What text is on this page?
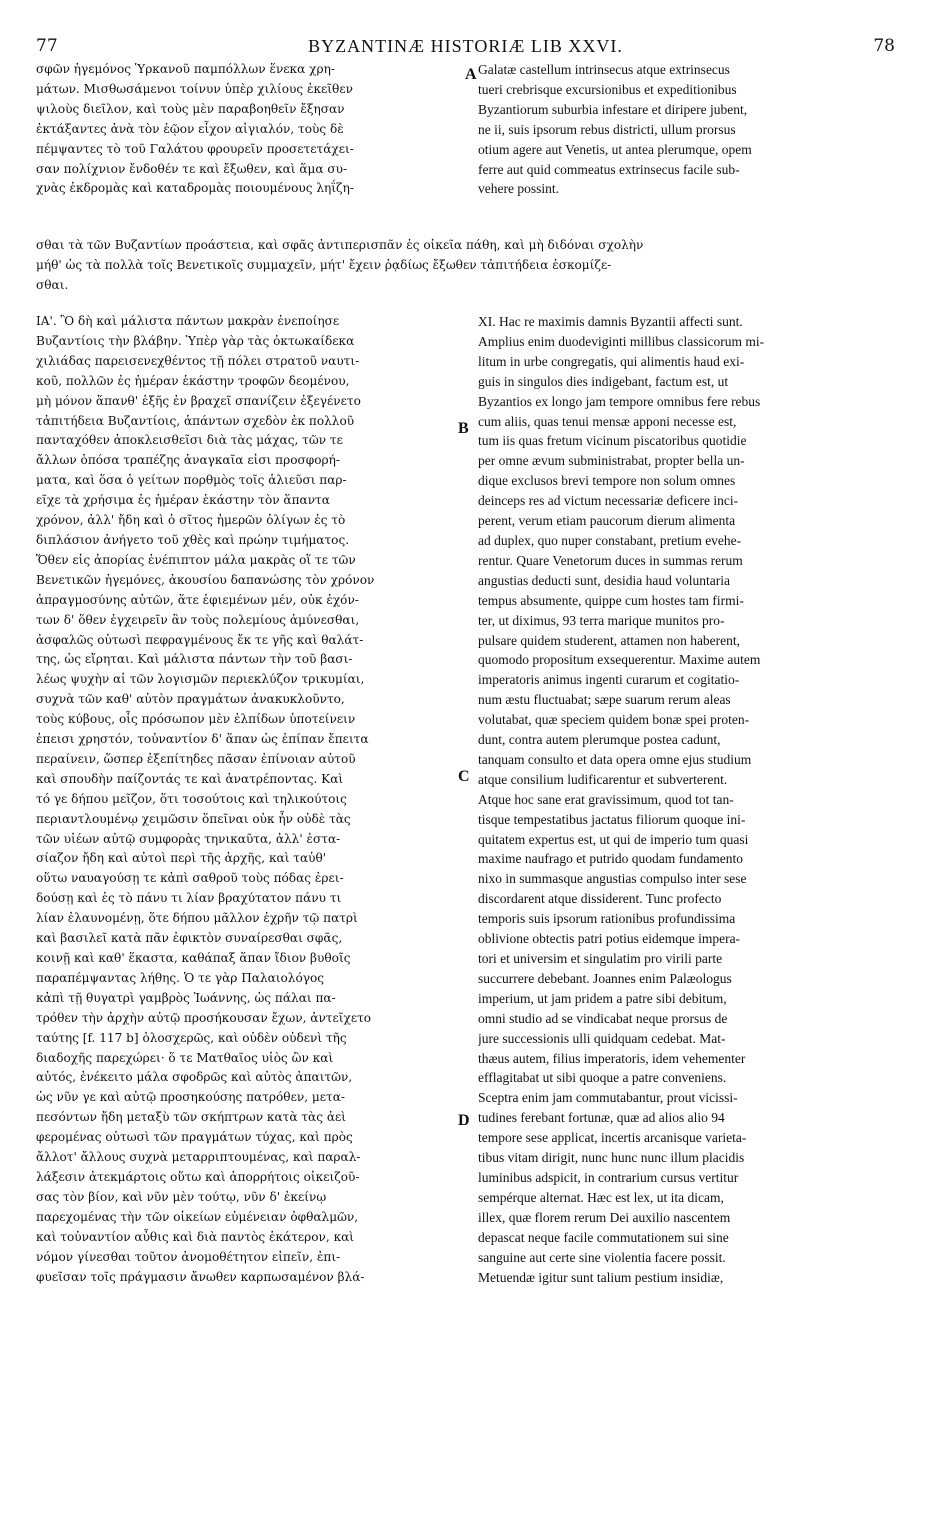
77	BYZANTINÆ HISTORIÆ LIB XXVI.	78
σφῶν ἡγεμόνος Ὑρκανοῦ παμπόλλων ἕνεκα χρη-
μάτων. Μισθωσάμενοι τοίνυν ὑπὲρ χιλίους ἐκεῖθεν
ψιλοὺς διεῖλον, καὶ τοὺς μὲν παραβοηθεῖν ἔξησαν
ἐκτάξαντες ἀνὰ τὸν ἑῷον εἶχον αἰγιαλόν, τοὺς δὲ
πέμψαντες τὸ τοῦ Γαλάτου φρουρεῖν προσετετάχει-
σαν πολίχνιον ἔνδοθέν τε καὶ ἔξωθεν, καὶ ἅμα συ-
χνὰς ἐκδρομὰς καὶ καταδρομὰς ποιουμένους ληΐζη-
A Galatæ castellum intrinsecus atque extrinsecus
tueri crebrisque excursionibus et expeditionibus
Byzantiorum suburbia infestare et diripere jubent,
ne ii, suis ipsorum rebus districti, ullum prorsus
otium agere aut Venetis, ut antea plerumque, opem
ferre aut quid commeatus extrinsecus facile sub-
vehere possint.
σθαι τὰ τῶν Βυζαντίων προάστεια, καὶ σφᾶς ἀντιπερισπᾶν ἐς οἰκεῖα πάθη, καὶ μὴ διδόναι σχολὴν
μήθ' ὡς τὰ πολλὰ τοῖς Βενετικοῖς συμμαχεῖν, μήτ' ἔχειν ῥᾳδίως ἔξωθεν τἀπιτήδεια ἐσκομίζε-
σθαι.
ΙΑ'. Ὃ δὴ καὶ μάλιστα πάντων μακρὰν ἐνεποίησε
Βυζαντίοις τὴν βλάβην. Ὑπὲρ γὰρ τὰς ὀκτωκαίδεκα
χιλιάδας παρεισενεχθέντος τῇ πόλει στρατοῦ ναυτι-
κοῦ, πολλῶν ἐς ἡμέραν ἑκάστην τροφῶν δεομένου,
μὴ μόνον ἅπανθ' ἑξῆς ἐν βραχεῖ σπανίζειν ἐξεγένετο
τἀπιτήδεια Βυζαντίοις, ἁπάντων σχεδὸν ἐκ πολλοῦ
πανταχόθεν ἀποκλεισθεῖσι διὰ τὰς μάχας, τῶν τε
ἄλλων ὁπόσα τραπέζης ἀναγκαῖα εἰσι προσφορή-
ματα, καὶ ὅσα ὁ γείτων πορθμὸς τοῖς ἁλιεῦσι παρ-
εῖχε τὰ χρήσιμα ἐς ἡμέραν ἑκάστην τὸν ἅπαντα
χρόνον, ἀλλ' ἤδη καὶ ὁ σῖτος ἡμερῶν ὀλίγων ἐς τὸ
διπλάσιον ἀνήγετο τοῦ χθὲς καὶ πρώην τιμήματος.
Ὅθεν εἰς ἀπορίας ἐνέπιπτον μάλα μακρὰς οἵ τε τῶν
Βενετικῶν ἡγεμόνες, ἀκουσίου δαπανώσης τὸν χρόνον
ἀπραγμοσύνης αὐτῶν, ἅτε ἐφιεμένων μέν, οὐκ ἐχόν-
των δ' ὅθεν ἐγχειρεῖν ἂν τοὺς πολεμίους ἀμύνεσθαι,
ἀσφαλῶς οὑτωσὶ πεφραγμένους ἔκ τε γῆς καὶ θαλάτ-
της, ὡς εἴρηται. Καὶ μάλιστα πάντων τὴν τοῦ βασι-
λέως ψυχὴν αἱ τῶν λογισμῶν περιεκλύζον τρικυμίαι,
συχνὰ τῶν καθ' αὑτὸν πραγμάτων ἀνακυκλοῦντο,
τοὺς κύβους, οἷς πρόσωπον μὲν ἐλπίδων ὑποτείνειν
ἐπεισι χρηστόν, τοὐναντίον δ' ἅπαν ὡς ἐπίπαν ἔπειτα
περαίνειν, ὥσπερ ἐξεπίτηδες πᾶσαν ἐπίνοιαν αὐτοῦ
καὶ σπουδὴν παίζοντάς τε καὶ ἀνατρέποντας. Καὶ
τό γε δήπου μεῖζον, ὅτι τοσούτοις καὶ τηλικούτοις
περιαντλουμένῳ χειμῶσιν ὅπεῖναι οὐκ ἦν οὐδὲ τὰς
τῶν υἱέων αὐτῷ συμφορὰς τηνικαῦτα, ἀλλ' ἐστα-
σίαζον ἤδη καὶ αὐτοὶ περὶ τῆς ἀρχῆς, καὶ ταὐθ'
οὕτω ναυαγούσῃ τε κἀπὶ σαθροῦ τοὺς πόδας ἐρει-
δούσῃ καὶ ἐς τὸ πάνυ τι λίαν βραχύτατον πάνυ τι
λίαν ἐλαυνομένῃ, ὅτε δήπου μᾶλλον ἐχρῆν τῷ πατρὶ
καὶ βασιλεῖ κατὰ πᾶν ἐφικτὸν συναίρεσθαι σφᾶς,
κοινῇ καὶ καθ' ἕκαστα, καθάπαξ ἅπαν ἴδιον βυθοῖς
παραπέμψαντας λήθης. Ὁ τε γὰρ Παλαιολόγος
κἀπὶ τῇ θυγατρὶ γαμβρὸς Ἰωάννης, ὡς πάλαι πα-
τρόθεν τὴν ἀρχὴν αὐτῷ προσήκουσαν ἔχων, ἀντεῖχετο
ταύτης [f. 117 b] ὁλοσχερῶς, καὶ οὐδὲν οὐδενὶ τῆς
διαδοχῆς παρεχώρει· ὅ τε Ματθαῖος υἱὸς ὢν καὶ
αὐτός, ἐνέκειτο μάλα σφοδρῶς καὶ αὐτὸς ἀπαιτῶν,
ὡς νῦν γε καὶ αὐτῷ προσηκούσης πατρόθεν, μετα-
πεσόντων ἤδη μεταξὺ τῶν σκήπτρων κατὰ τὰς ἀεὶ
φερομένας οὑτωσὶ τῶν πραγμάτων τύχας, καὶ πρὸς
ἄλλοτ' ἄλλους συχνὰ μεταρριπτουμένας, καὶ παραλ-
λάξεσιν ἀτεκμάρτοις οὕτω καὶ ἀπορρήτοις οἰκειζοῦ-
σας τὸν βίον, καὶ νῦν μὲν τούτῳ, νῦν δ' ἐκείνῳ
παρεχομένας τὴν τῶν οἰκείων εὐμένειαν ὀφθαλμῶν,
καὶ τοὐναντίον αὖθις καὶ διὰ παντὸς ἑκάτερον, καὶ
νόμον γίνεσθαι τοῦτον ἀνομοθέτητον εἰπεῖν, ἐπι-
φυεῖσαν τοῖς πράγμασιν ἄνωθεν καρπωσαμένον βλά-
B
C
D
XI. Hac re maximis damnis Byzantii affecti sunt.
Amplius enim duodeviginti millibus classicorum mi-
litum in urbe congregatis, qui alimentis haud exi-
guis in singulos dies indigebant, factum est, ut
Byzantios ex longo jam tempore omnibus fere rebus
cum aliis, quas tenui mensæ apponi necesse est,
tum iis quas fretum vicinum piscatoribus quotidie
per omne ævum subministrabat, propter bella un-
dique exclusos brevi tempore non solum omnes
deinceps res ad victum necessariæ deficere inci-
perent, verum etiam paucorum dierum alimenta
ad duplex, quo nuper constabant, pretium evehe-
rentur. Quare Venetorum duces in summas rerum
angustias deducti sunt, desidia haud voluntaria
tempus absumente, quippe cum hostes tam firmi-
ter, ut diximus, 93 terra marique munitos pro-
pulsare quidem studerent, attamen non haberent,
quomodo propositum exsequerentur. Maxime autem
imperatoris animus ingenti curarum et cogitatio-
num æstu fluctuabat; sæpe suarum rerum aleas
volutabat, quæ speciem quidem bonæ spei proten-
dunt, contra autem plerumque postea cadunt,
tanquam consulto et data opera omne ejus studium
atque consilium ludificarentur et subverterent.
Atque hoc sane erat gravissimum, quod tot tan-
tisque tempestatibus jactatus filiorum quoque ini-
quitatem expertus est, ut qui de imperio tum quasi
maxime naufrago et putrido quodam fundamento
nixo in summasque angustias compulso inter sese
discordarent atque dissiderent. Tunc profecto
temporis suis ipsorum rationibus profundissima
oblivione obtectis patri potius eidemque impera-
tori et universim et singulatim pro virili parte
succurrere debebant. Joannes enim Palæologus
imperium, ut jam pridem a patre sibi debitum,
omni studio ad se vindicabat neque prorsus de
jure successionis ulli quidquam cedebat. Mat-
thæus autem, filius imperatoris, idem vehementer
efflagitabat ut sibi quoque a patre conveniens.
Sceptra enim jam commutabantur, prout vicissi-
tudines ferebant fortunæ, quæ ad alios alio 94
tempore sese applicat, incertis arcanisque varieta-
tibus vitam dirigit, nunc hunc nunc illum placidis
luminibus adspicit, in contrarium cursus vertitur
sempérque alternat. Hæc est lex, ut ita dicam,
illex, quæ florem rerum Dei auxilio nascentem
depascat neque facile commutationem sui sine
sanguine aut certe sine violentia facere possit.
Metuendæ igitur sunt talium pestium insidiæ,
